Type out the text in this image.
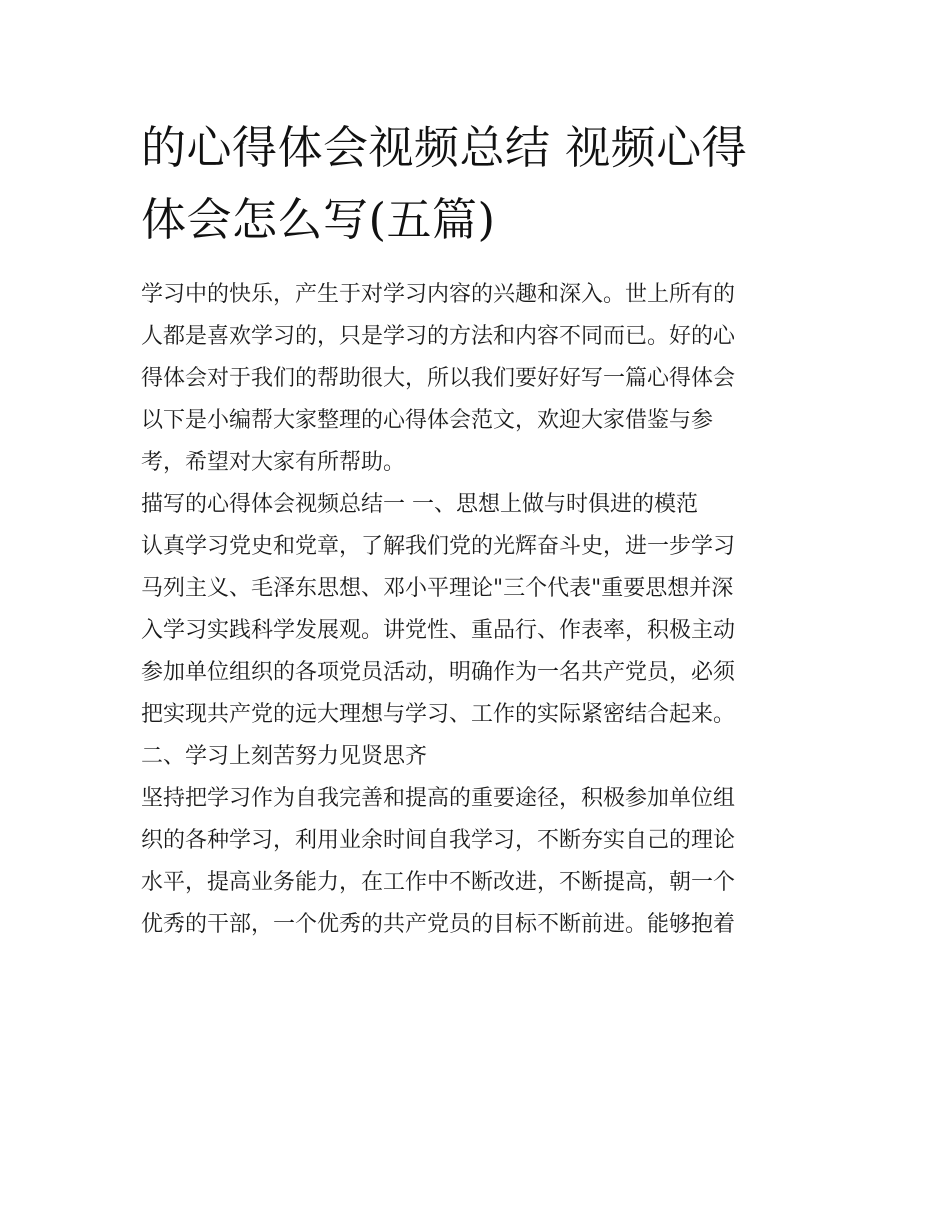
的心得体会视频总结 视频心得
体会怎么写(五篇)
学习中的快乐，产生于对学习内容的兴趣和深入。世上所有的
人都是喜欢学习的，只是学习的方法和内容不同而已。好的心
得体会对于我们的帮助很大，所以我们要好好写一篇心得体会
以下是小编帮大家整理的心得体会范文，欢迎大家借鉴与参
考，希望对大家有所帮助。
描写的心得体会视频总结一 一、思想上做与时俱进的模范
认真学习党史和党章，了解我们党的光辉奋斗史，进一步学习
马列主义、毛泽东思想、邓小平理论"三个代表"重要思想并深
入学习实践科学发展观。讲党性、重品行、作表率，积极主动
参加单位组织的各项党员活动，明确作为一名共产党员，必须
把实现共产党的远大理想与学习、工作的实际紧密结合起来。
二、学习上刻苦努力见贤思齐
坚持把学习作为自我完善和提高的重要途径，积极参加单位组
织的各种学习，利用业余时间自我学习，不断夯实自己的理论
水平，提高业务能力，在工作中不断改进，不断提高，朝一个
优秀的干部，一个优秀的共产党员的目标不断前进。能够抱着
